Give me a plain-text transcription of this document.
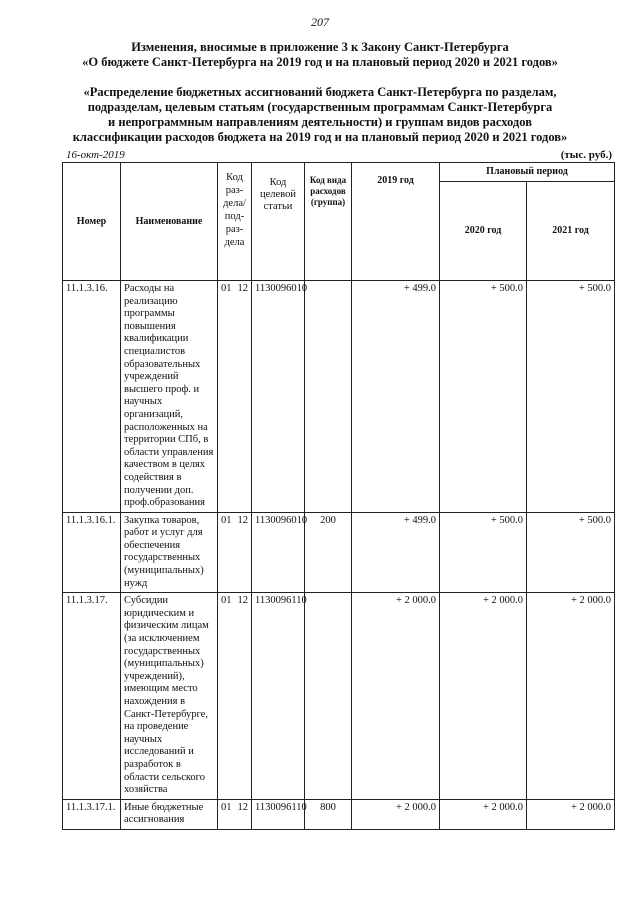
207
Изменения, вносимые в приложение 3 к Закону Санкт-Петербурга
«О бюджете Санкт-Петербурга на 2019 год и на плановый период 2020 и 2021 годов»
«Распределение бюджетных ассигнований бюджета Санкт-Петербурга по разделам,
подразделам, целевым статьям (государственным программам Санкт-Петербурга
и непрограммным направлениям деятельности) и группам видов расходов
классификации расходов бюджета на 2019 год и на плановый период 2020 и 2021 годов»
16-окт-2019	(тыс. руб.)
Номер	Наименование	Код раз- дела/ под- раз- дела	Код целевой статьи	Код вида расходов (группа)	2019 год	Плановый период	
						2020 год	2021 год
11.1.3.16.	Расходы на реализацию программы повышения квалификации специалистов образовательных учреждений высшего проф. и научных организаций, расположенных на территории СПб, в области управления качеством в целях содействия в получении доп. проф.образования	01 12	1130096010		+ 499.0	+ 500.0	+ 500.0
11.1.3.16.1.	Закупка товаров, работ и услуг для обеспечения государственных (муниципальных) нужд	01 12	1130096010	200	+ 499.0	+ 500.0	+ 500.0
11.1.3.17.	Субсидии юридическим и физическим лицам (за исключением государственных (муниципальных) учреждений), имеющим место нахождения в Санкт-Петербурге, на проведение научных исследований и разработок в области сельского хозяйства	01 12	1130096110		+ 2 000.0	+ 2 000.0	+ 2 000.0
11.1.3.17.1.	Иные бюджетные ассигнования	01 12	1130096110	800	+ 2 000.0	+ 2 000.0	+ 2 000.0
